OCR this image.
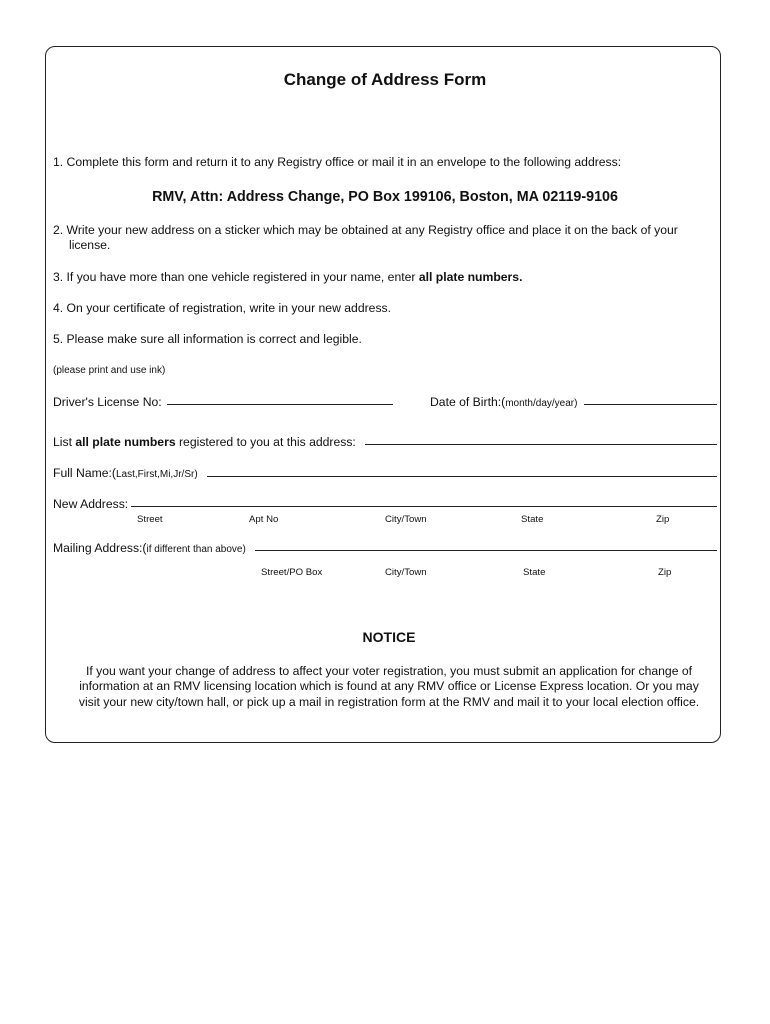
Change of Address Form
1. Complete this form and return it to any Registry office or mail it in an envelope to the following address:
RMV, Attn: Address Change, PO Box 199106, Boston, MA 02119-9106
2. Write your new address on a sticker which may be obtained at any Registry office and place it on the back of your
license.
3. If you have more than one vehicle registered in your name, enter all plate numbers.
4. On your certificate of registration, write in your new address.
5. Please make sure all information is correct and legible.
(please print and use ink)
Driver's License No:	Date of Birth:(month/day/year)
List all plate numbers registered to you at this address:
Full Name:(Last,First,Mi,Jr/Sr)
New Address:
Street	Apt No	City/Town	State	Zip
Mailing Address:(if different than above)
Street/PO Box	City/Town	State	Zip
NOTICE
If you want your change of address to affect your voter registration, you must submit an application for change of information at an RMV licensing location which is found at any RMV office or License Express location. Or you may visit your new city/town hall, or pick up a mail in registration form at the RMV and mail it to your local election office.
